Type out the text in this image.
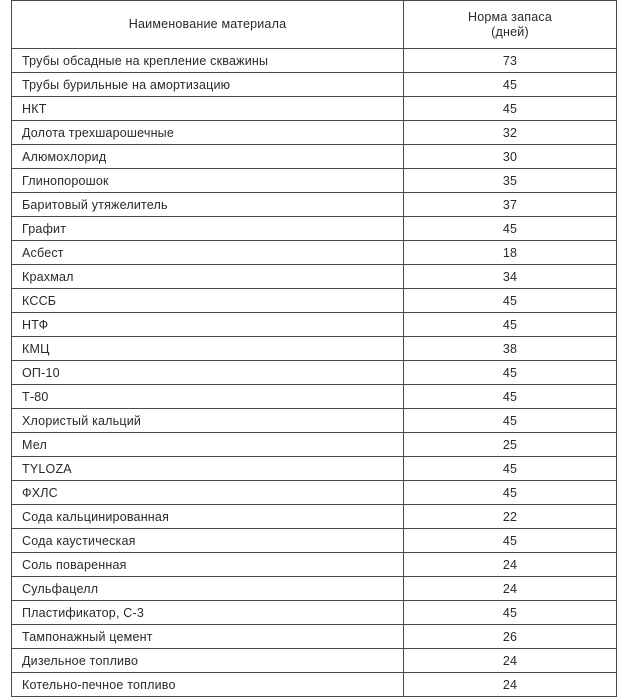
Наименование материала	Норма запаса
(дней)

Трубы обсадные на крепление скважины	73
Трубы бурильные на амортизацию	45
НКТ	45
Долота трехшарошечные	32
Алюмохлорид	30
Глинопорошок	35
Баритовый утяжелитель	37
Графит	45
Асбест	18
Крахмал	34
КССБ	45
НТФ	45
КМЦ	38
ОП-10	45
Т-80	45
Хлористый кальций	45
Мел	25
TYLOZA	45
ФХЛС	45
Сода кальцинированная	22
Сода каустическая	45
Соль поваренная	24
Сульфацелл	24
Пластификатор, С-3	45
Тампонажный цемент	26
Дизельное топливо	24
Котельно-печное топливо	24
